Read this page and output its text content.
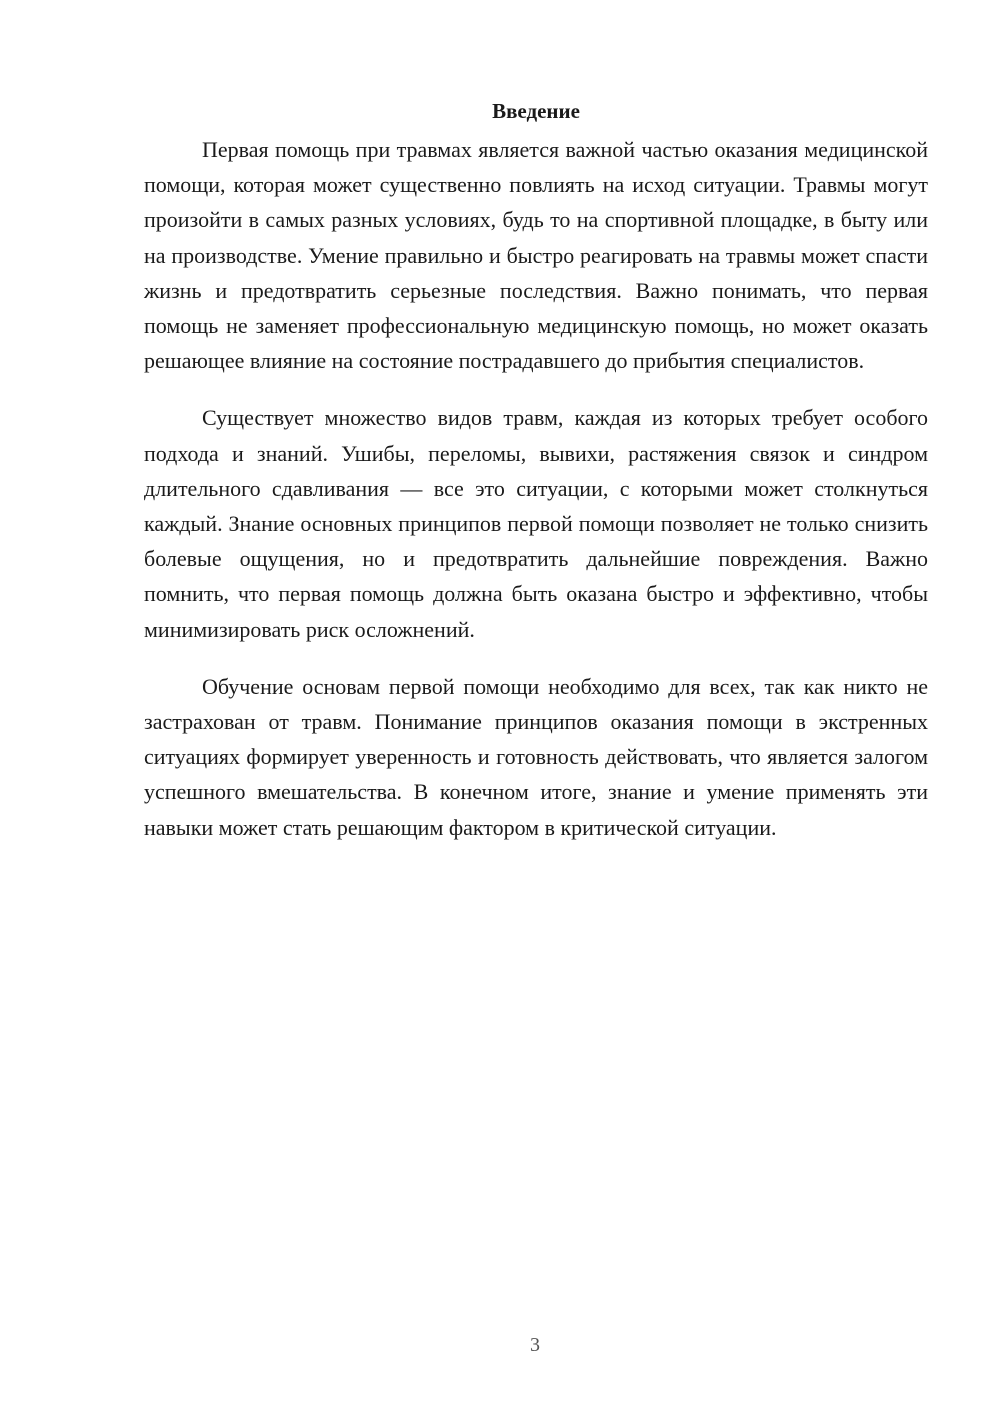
Введение

Первая помощь при травмах является важной частью оказания медицинской помощи, которая может существенно повлиять на исход ситуации. Травмы могут произойти в самых разных условиях, будь то на спортивной площадке, в быту или на производстве. Умение правильно и быстро реагировать на травмы может спасти жизнь и предотвратить серьезные последствия. Важно понимать, что первая помощь не заменяет профессиональную медицинскую помощь, но может оказать решающее влияние на состояние пострадавшего до прибытия специалистов.

Существует множество видов травм, каждая из которых требует особого подхода и знаний. Ушибы, переломы, вывихи, растяжения связок и синдром длительного сдавливания — все это ситуации, с которыми может столкнуться каждый. Знание основных принципов первой помощи позволяет не только снизить болевые ощущения, но и предотвратить дальнейшие повреждения. Важно помнить, что первая помощь должна быть оказана быстро и эффективно, чтобы минимизировать риск осложнений.

Обучение основам первой помощи необходимо для всех, так как никто не застрахован от травм. Понимание принципов оказания помощи в экстренных ситуациях формирует уверенность и готовность действовать, что является залогом успешного вмешательства. В конечном итоге, знание и умение применять эти навыки может стать решающим фактором в критической ситуации.

3
